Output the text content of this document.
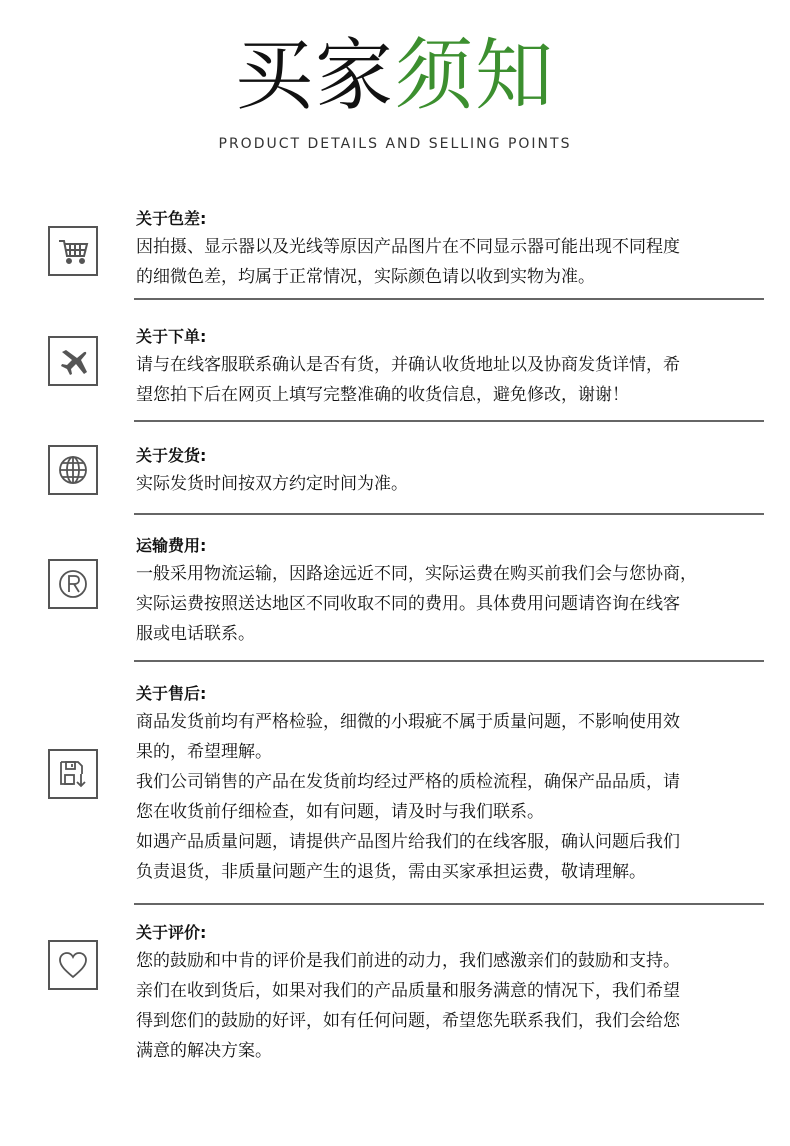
买家须知
PRODUCT DETAILS AND SELLING POINTS
关于色差:
因拍摄、显示器以及光线等原因产品图片在不同显示器可能出现不同程度
的细微色差，均属于正常情况，实际颜色请以收到实物为准。
关于下单:
请与在线客服联系确认是否有货，并确认收货地址以及协商发货详情，希
望您拍下后在网页上填写完整准确的收货信息，避免修改，谢谢！
关于发货:
实际发货时间按双方约定时间为准。
运输费用:
一般采用物流运输，因路途远近不同，实际运费在购买前我们会与您协商，
实际运费按照送达地区不同收取不同的费用。具体费用问题请咨询在线客
服或电话联系。
关于售后:
商品发货前均有严格检验，细微的小瑕疵不属于质量问题，不影响使用效
果的，希望理解。
我们公司销售的产品在发货前均经过严格的质检流程，确保产品品质，请
您在收货前仔细检查，如有问题，请及时与我们联系。
如遇产品质量问题，请提供产品图片给我们的在线客服，确认问题后我们
负责退货，非质量问题产生的退货，需由买家承担运费，敬请理解。
关于评价:
您的鼓励和中肯的评价是我们前进的动力，我们感激亲们的鼓励和支持。
亲们在收到货后，如果对我们的产品质量和服务满意的情况下，我们希望
得到您们的鼓励的好评，如有任何问题，希望您先联系我们，我们会给您
满意的解决方案。
